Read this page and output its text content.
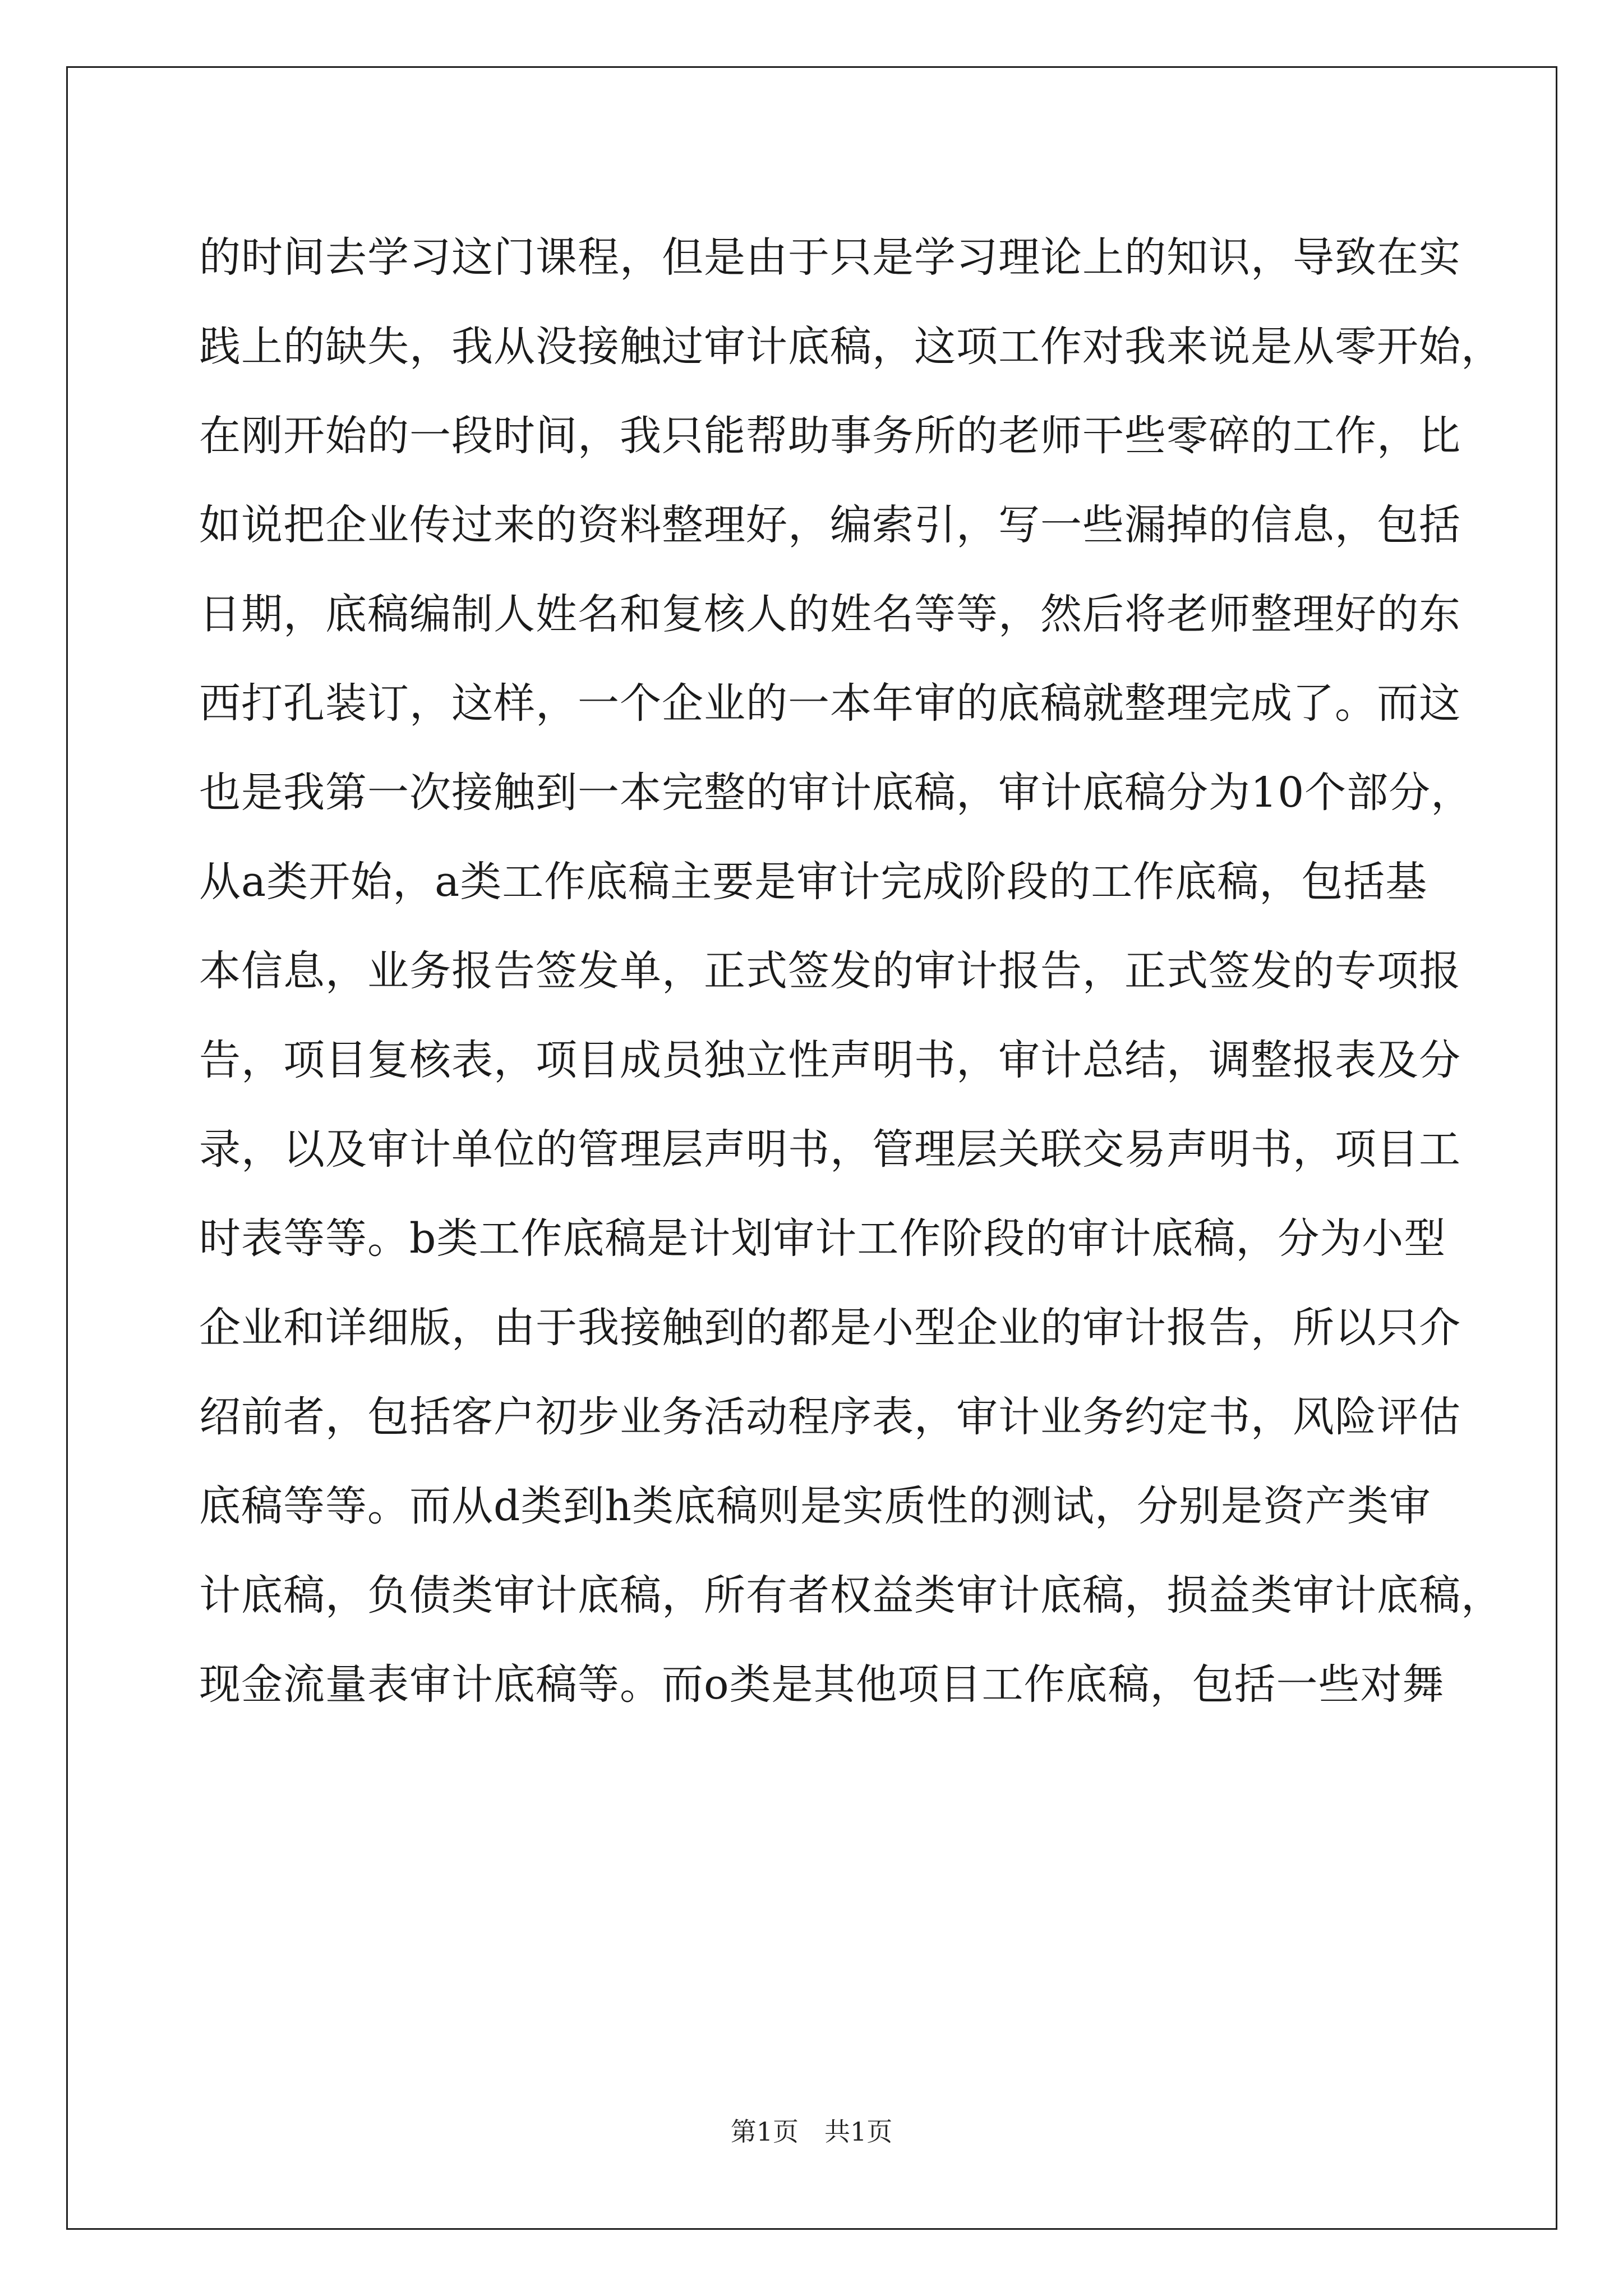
的时间去学习这门课程，但是由于只是学习理论上的知识，导致在实
践上的缺失，我从没接触过审计底稿，这项工作对我来说是从零开始，
在刚开始的一段时间，我只能帮助事务所的老师干些零碎的工作，比
如说把企业传过来的资料整理好，编索引，写一些漏掉的信息，包括
日期，底稿编制人姓名和复核人的姓名等等，然后将老师整理好的东
西打孔装订，这样，一个企业的一本年审的底稿就整理完成了。而这
也是我第一次接触到一本完整的审计底稿，审计底稿分为10个部分，
从a类开始，a类工作底稿主要是审计完成阶段的工作底稿，包括基
本信息，业务报告签发单，正式签发的审计报告，正式签发的专项报
告，项目复核表，项目成员独立性声明书，审计总结，调整报表及分
录，以及审计单位的管理层声明书，管理层关联交易声明书，项目工
时表等等。b类工作底稿是计划审计工作阶段的审计底稿，分为小型
企业和详细版，由于我接触到的都是小型企业的审计报告，所以只介
绍前者，包括客户初步业务活动程序表，审计业务约定书，风险评估
底稿等等。而从d类到h类底稿则是实质性的测试，分别是资产类审
计底稿，负债类审计底稿，所有者权益类审计底稿，损益类审计底稿，
现金流量表审计底稿等。而o类是其他项目工作底稿，包括一些对舞
第1页　共1页
